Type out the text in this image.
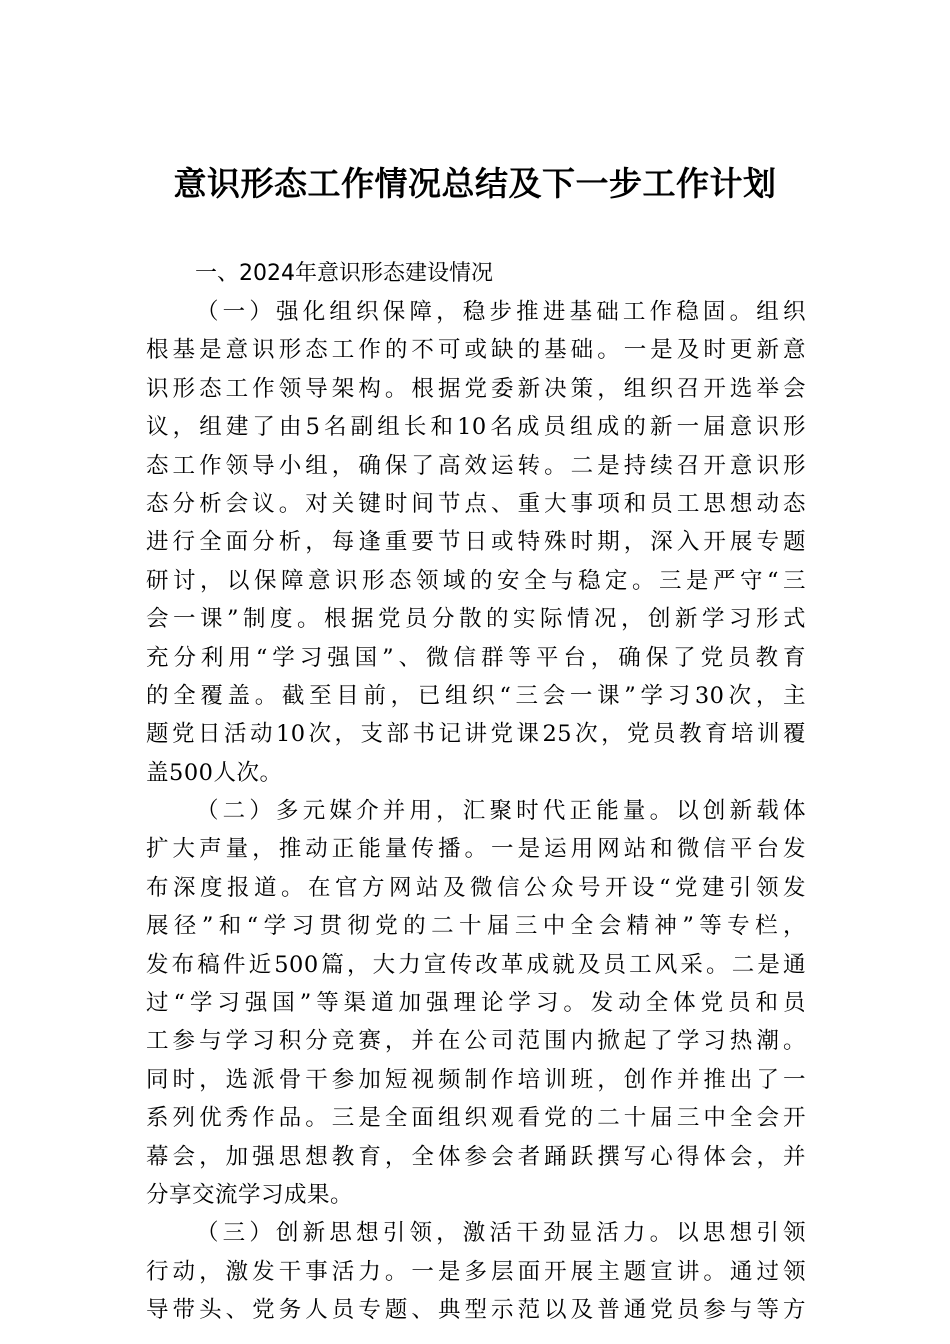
意识形态工作情况总结及下一步工作计划
一、2024年意识形态建设情况
（一）强化组织保障，稳步推进基础工作稳固。组织
根基是意识形态工作的不可或缺的基础。一是及时更新意
识形态工作领导架构。根据党委新决策，组织召开选举会
议，组建了由5名副组长和10名成员组成的新一届意识形
态工作领导小组，确保了高效运转。二是持续召开意识形
态分析会议。对关键时间节点、重大事项和员工思想动态
进行全面分析，每逢重要节日或特殊时期，深入开展专题
研讨，以保障意识形态领域的安全与稳定。三是严守“三
会一课”制度。根据党员分散的实际情况，创新学习形式
充分利用“学习强国”、微信群等平台，确保了党员教育
的全覆盖。截至目前，已组织“三会一课”学习30次，主
题党日活动10次，支部书记讲党课25次，党员教育培训覆
盖500人次。
（二）多元媒介并用，汇聚时代正能量。以创新载体
扩大声量，推动正能量传播。一是运用网站和微信平台发
布深度报道。在官方网站及微信公众号开设“党建引领发
展径”和“学习贯彻党的二十届三中全会精神”等专栏，
发布稿件近500篇，大力宣传改革成就及员工风采。二是通
过“学习强国”等渠道加强理论学习。发动全体党员和员
工参与学习积分竞赛，并在公司范围内掀起了学习热潮。
同时，选派骨干参加短视频制作培训班，创作并推出了一
系列优秀作品。三是全面组织观看党的二十届三中全会开
幕会，加强思想教育，全体参会者踊跃撰写心得体会，并
分享交流学习成果。
（三）创新思想引领，激活干劲显活力。以思想引领
行动，激发干事活力。一是多层面开展主题宣讲。通过领
导带头、党务人员专题、典型示范以及普通党员参与等方
